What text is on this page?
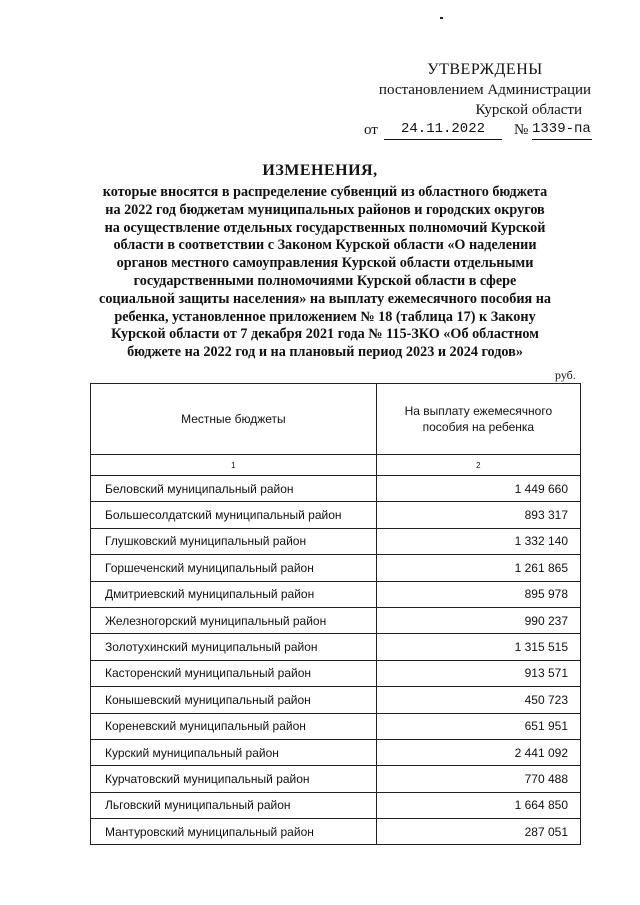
УТВЕРЖДЕНЫ
постановлением Администрации
Курской области
от	24.11.2022	№ 1339-па
ИЗМЕНЕНИЯ,
которые вносятся в распределение субвенций из областного бюджета
на 2022 год бюджетам муниципальных районов и городских округов
на осуществление отдельных государственных полномочий Курской
области в соответствии с Законом Курской области «О наделении
органов местного самоуправления Курской области отдельными
государственными полномочиями Курской области в сфере
социальной защиты населения» на выплату ежемесячного пособия на
ребенка, установленное приложением № 18 (таблица 17) к Закону
Курской области от 7 декабря 2021 года № 115-ЗКО «Об областном
бюджете на 2022 год и на плановый период 2023 и 2024 годов»
руб.
Местные бюджеты	На выплату ежемесячного пособия на ребенка

1	2
Беловский муниципальный район	1 449 660
Большесолдатский муниципальный район	893 317
Глушковский муниципальный район	1 332 140
Горшеченский муниципальный район	1 261 865
Дмитриевский муниципальный район	895 978
Железногорский муниципальный район	990 237
Золотухинский муниципальный район	1 315 515
Касторенский муниципальный район	913 571
Конышевский муниципальный район	450 723
Кореневский муниципальный район	651 951
Курский муниципальный район	2 441 092
Курчатовский муниципальный район	770 488
Льговский муниципальный район	1 664 850
Мантуровский муниципальный район	287 051
